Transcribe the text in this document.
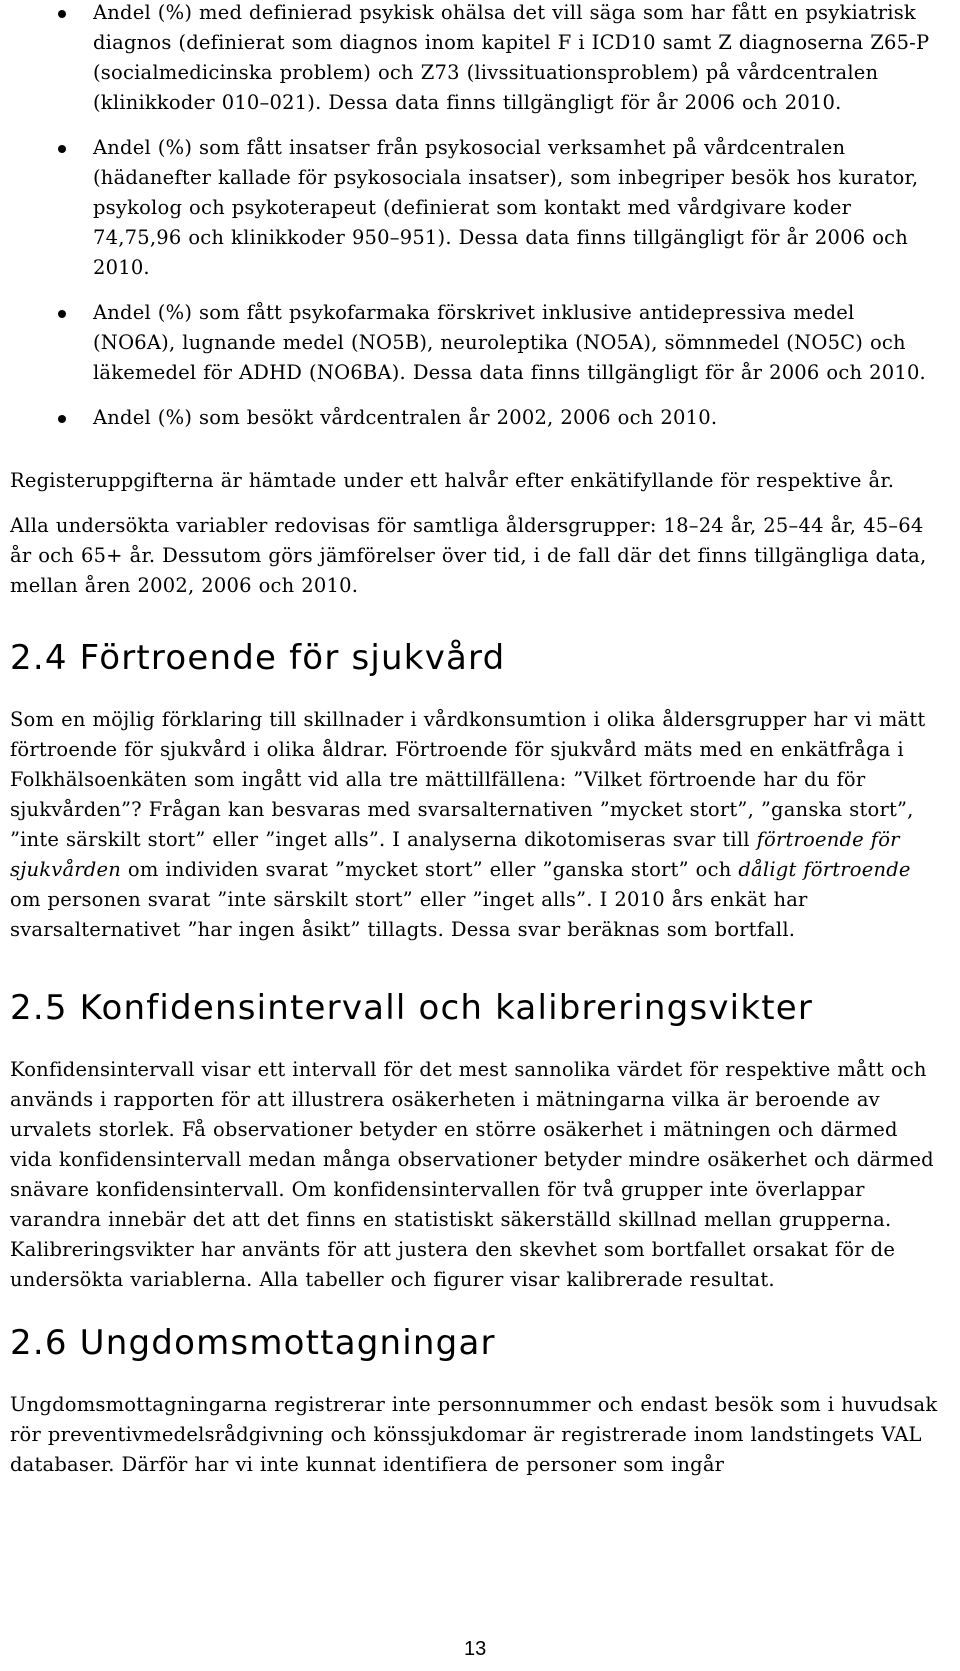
Andel (%) med definierad psykisk ohälsa det vill säga som har fått en psykiatrisk diagnos (definierat som diagnos inom kapitel F i ICD10 samt Z diagnoserna Z65-P (socialmedicinska problem) och Z73 (livssituationsproblem) på vårdcentralen (klinikkoder 010–021). Dessa data finns tillgängligt för år 2006 och 2010.
Andel (%) som fått insatser från psykosocial verksamhet på vårdcentralen (hädanefter kallade för psykosociala insatser), som inbegriper besök hos kurator, psykolog och psykoterapeut (definierat som kontakt med vårdgivare koder 74,75,96 och klinikkoder 950–951). Dessa data finns tillgängligt för år 2006 och 2010.
Andel (%) som fått psykofarmaka förskrivet inklusive antidepressiva medel (NO6A), lugnande medel (NO5B), neuroleptika (NO5A), sömnmedel (NO5C) och läkemedel för ADHD (NO6BA). Dessa data finns tillgängligt för år 2006 och 2010.
Andel (%) som besökt vårdcentralen år 2002, 2006 och 2010.

Registeruppgifterna är hämtade under ett halvår efter enkätifyllande för respektive år.

Alla undersökta variabler redovisas för samtliga åldersgrupper: 18–24 år, 25–44 år, 45–64 år och 65+ år. Dessutom görs jämförelser över tid, i de fall där det finns tillgängliga data, mellan åren 2002, 2006 och 2010.

2.4 Förtroende för sjukvård

Som en möjlig förklaring till skillnader i vårdkonsumtion i olika åldersgrupper har vi mätt förtroende för sjukvård i olika åldrar. Förtroende för sjukvård mäts med en enkätfråga i Folkhälsoenkäten som ingått vid alla tre mättillfällena: ”Vilket förtroende har du för sjukvården”? Frågan kan besvaras med svarsalternativen ”mycket stort”, ”ganska stort”, ”inte särskilt stort” eller ”inget alls”. I analyserna dikotomiseras svar till förtroende för sjukvården om individen svarat ”mycket stort” eller ”ganska stort” och dåligt förtroende om personen svarat ”inte särskilt stort” eller ”inget alls”. I 2010 års enkät har svarsalternativet ”har ingen åsikt” tillagts. Dessa svar beräknas som bortfall.

2.5 Konfidensintervall och kalibreringsvikter

Konfidensintervall visar ett intervall för det mest sannolika värdet för respektive mått och används i rapporten för att illustrera osäkerheten i mätningarna vilka är beroende av urvalets storlek. Få observationer betyder en större osäkerhet i mätningen och därmed vida konfidensintervall medan många observationer betyder mindre osäkerhet och därmed snävare konfidensintervall. Om konfidensintervallen för två grupper inte överlappar varandra innebär det att det finns en statistiskt säkerställd skillnad mellan grupperna. Kalibreringsvikter har använts för att justera den skevhet som bortfallet orsakat för de undersökta variablerna. Alla tabeller och figurer visar kalibrerade resultat.

2.6 Ungdomsmottagningar

Ungdomsmottagningarna registrerar inte personnummer och endast besök som i huvudsak rör preventivmedelsrådgivning och könssjukdomar är registrerade inom landstingets VAL databaser. Därför har vi inte kunnat identifiera de personer som ingår

13
